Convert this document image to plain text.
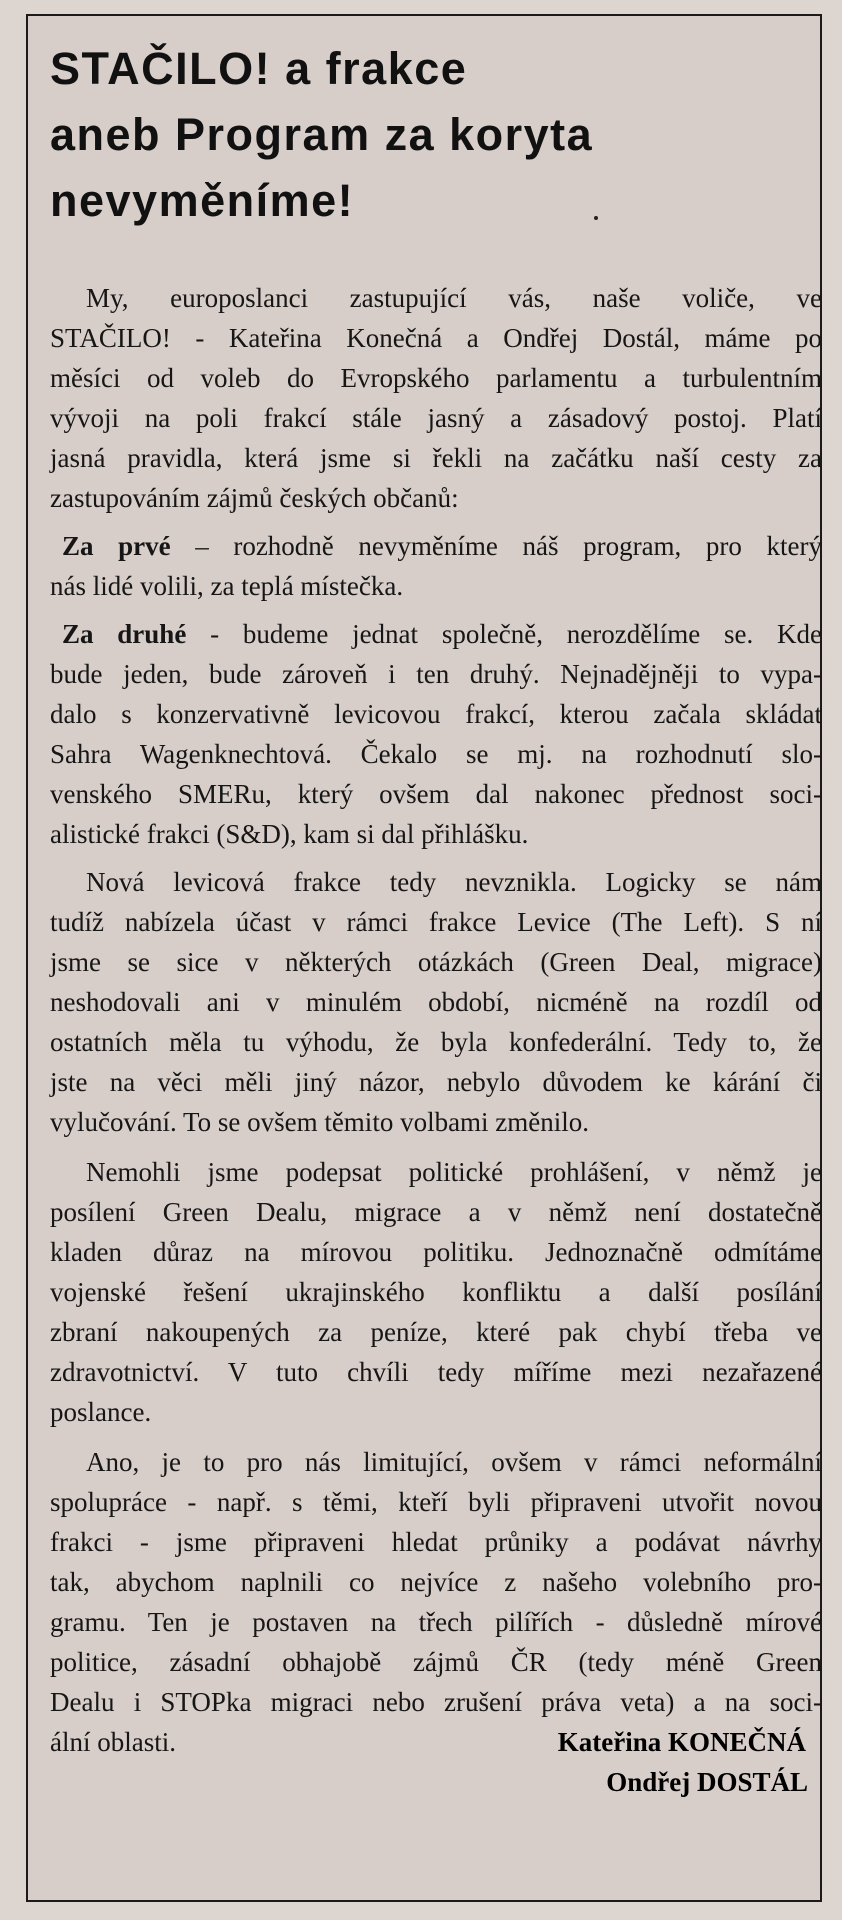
STAČILO! a frakce
aneb Program za koryta
nevyměníme!
My, europoslanci zastupující vás, naše voliče, ve
STAČILO! - Kateřina Konečná a Ondřej Dostál, máme po
měsíci od voleb do Evropského parlamentu a turbulentním
vývoji na poli frakcí stále jasný a zásadový postoj. Platí
jasná pravidla, která jsme si řekli na začátku naší cesty za
zastupováním zájmů českých občanů:
Za prvé – rozhodně nevyměníme náš program, pro který
nás lidé volili, za teplá místečka.
Za druhé - budeme jednat společně, nerozdělíme se. Kde
bude jeden, bude zároveň i ten druhý. Nejnadějněji to vypa-
dalo s konzervativně levicovou frakcí, kterou začala skládat
Sahra Wagenknechtová. Čekalo se mj. na rozhodnutí slo-
venského SMERu, který ovšem dal nakonec přednost soci-
alistické frakci (S&D), kam si dal přihlášku.
Nová levicová frakce tedy nevznikla. Logicky se nám
tudíž nabízela účast v rámci frakce Levice (The Left). S ní
jsme se sice v některých otázkách (Green Deal, migrace)
neshodovali ani v minulém období, nicméně na rozdíl od
ostatních měla tu výhodu, že byla konfederální. Tedy to, že
jste na věci měli jiný názor, nebylo důvodem ke kárání či
vylučování. To se ovšem těmito volbami změnilo.
Nemohli jsme podepsat politické prohlášení, v němž je
posílení Green Dealu, migrace a v němž není dostatečně
kladen důraz na mírovou politiku. Jednoznačně odmítáme
vojenské řešení ukrajinského konfliktu a další posílání
zbraní nakoupených za peníze, které pak chybí třeba ve
zdravotnictví. V tuto chvíli tedy míříme mezi nezařazené
poslance.
Ano, je to pro nás limitující, ovšem v rámci neformální
spolupráce - např. s těmi, kteří byli připraveni utvořit novou
frakci - jsme připraveni hledat průniky a podávat návrhy
tak, abychom naplnili co nejvíce z našeho volebního pro-
gramu. Ten je postaven na třech pilířích - důsledně mírové
politice, zásadní obhajobě zájmů ČR (tedy méně Green
Dealu i STOPka migraci nebo zrušení práva veta) a na soci-
ální oblasti.	Kateřina KONEČNÁ
Ondřej DOSTÁL
